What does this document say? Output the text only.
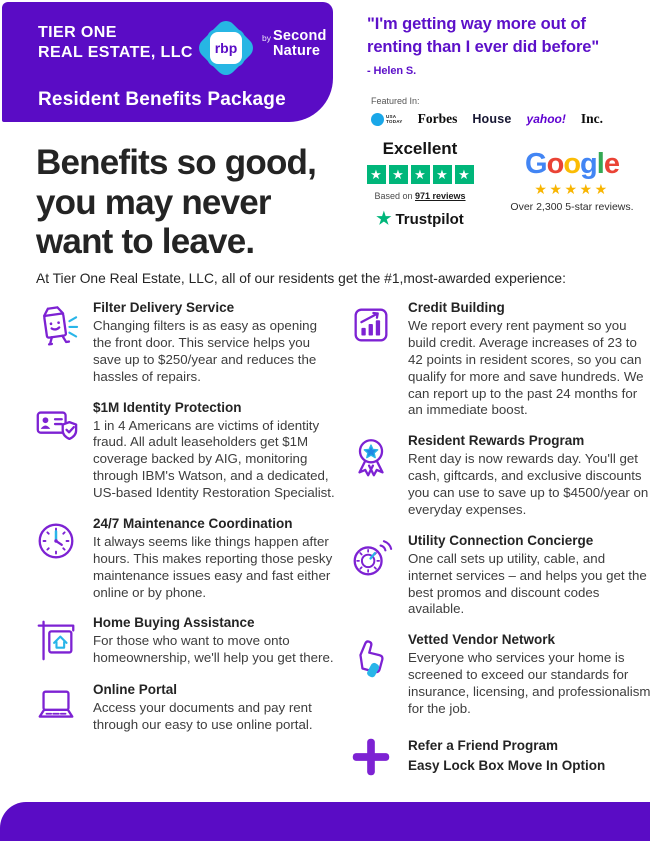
TIER ONE
REAL ESTATE, LLC	rbp
$^{by}$ Second
Nature
Resident Benefits Package
"I'm getting way more out of
renting than I ever did before"
- Helen S.
Featured In:
USA
TODAY Forbes House yahoo! Inc.
Excellent
★ ★ ★ ★ ★
Based on 971 reviews
★ Trustpilot
Google
★★★★★
Over 2,300 5-star reviews.
Benefits so good,
you may never
want to leave.
At Tier One Real Estate, LLC, all of our residents get the #1,most-awarded experience:
Filter Delivery Service
Changing filters is as easy as opening the front door. This service helps you save up to $250/year and reduces the hassles of repairs.
$1M Identity Protection
1 in 4 Americans are victims of identity fraud. All adult leaseholders get $1M coverage backed by AIG, monitoring through IBM's Watson, and a dedicated, US-based Identity Restoration Specialist.
24/7 Maintenance Coordination
It always seems like things happen after hours. This makes reporting those pesky maintenance issues easy and fast either online or by phone.
Home Buying Assistance
For those who want to move onto homeownership, we'll help you get there.
Online Portal
Access your documents and pay rent through our easy to use online portal.
Credit Building
We report every rent payment so you build credit. Average increases of 23 to 42 points in resident scores, so you can qualify for more and save hundreds. We can report up to the past 24 months for an immediate boost.
Resident Rewards Program
Rent day is now rewards day. You'll get cash, giftcards, and exclusive discounts you can use to save up to $4500/year on everyday expenses.
Utility Connection Concierge
One call sets up utility, cable, and internet services – and helps you get the best promos and discount codes available.
Vetted Vendor Network
Everyone who services your home is screened to exceed our standards for insurance, licensing, and professionalism for the job.
Refer a Friend Program
Easy Lock Box Move In Option
